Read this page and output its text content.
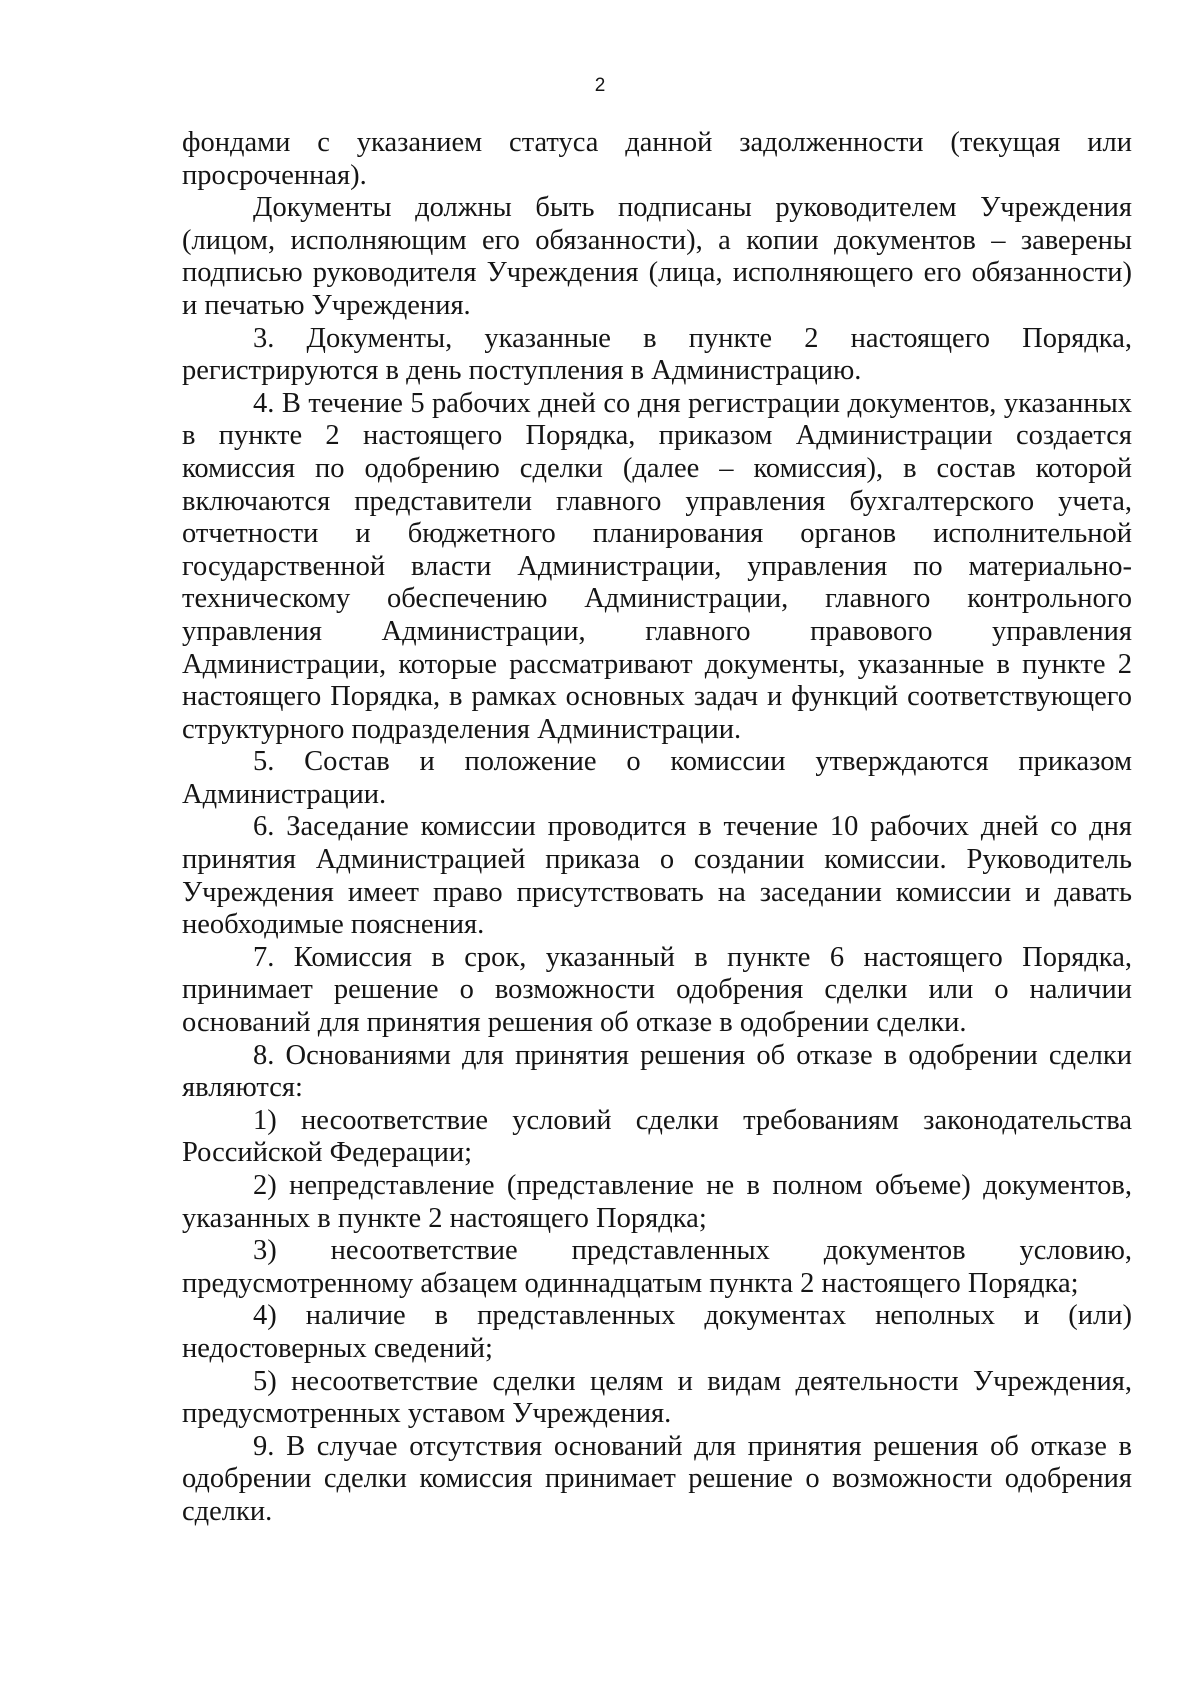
2

фондами с указанием статуса данной задолженности (текущая или просроченная).

Документы должны быть подписаны руководителем Учреждения (лицом, исполняющим его обязанности), а копии документов – заверены подписью руководителя Учреждения (лица, исполняющего его обязанности) и печатью Учреждения.

3. Документы, указанные в пункте 2 настоящего Порядка, регистрируются в день поступления в Администрацию.

4. В течение 5 рабочих дней со дня регистрации документов, указанных в пункте 2 настоящего Порядка, приказом Администрации создается комиссия по одобрению сделки (далее – комиссия), в состав которой включаются представители главного управления бухгалтерского учета, отчетности и бюджетного планирования органов исполнительной государственной власти Администрации, управления по материально-техническому обеспечению Администрации, главного контрольного управления Администрации, главного правового управления Администрации, которые рассматривают документы, указанные в пункте 2 настоящего Порядка, в рамках основных задач и функций соответствующего структурного подразделения Администрации.

5. Состав и положение о комиссии утверждаются приказом Администрации.

6. Заседание комиссии проводится в течение 10 рабочих дней со дня принятия Администрацией приказа о создании комиссии. Руководитель Учреждения имеет право присутствовать на заседании комиссии и давать необходимые пояснения.

7. Комиссия в срок, указанный в пункте 6 настоящего Порядка, принимает решение о возможности одобрения сделки или о наличии оснований для принятия решения об отказе в одобрении сделки.

8. Основаниями для принятия решения об отказе в одобрении сделки являются:

1) несоответствие условий сделки требованиям законодательства Российской Федерации;

2) непредставление (представление не в полном объеме) документов, указанных в пункте 2 настоящего Порядка;

3) несоответствие представленных документов условию, предусмотренному абзацем одиннадцатым пункта 2 настоящего Порядка;

4) наличие в представленных документах неполных и (или) недостоверных сведений;

5) несоответствие сделки целям и видам деятельности Учреждения, предусмотренных уставом Учреждения.

9. В случае отсутствия оснований для принятия решения об отказе в одобрении сделки комиссия принимает решение о возможности одобрения сделки.
